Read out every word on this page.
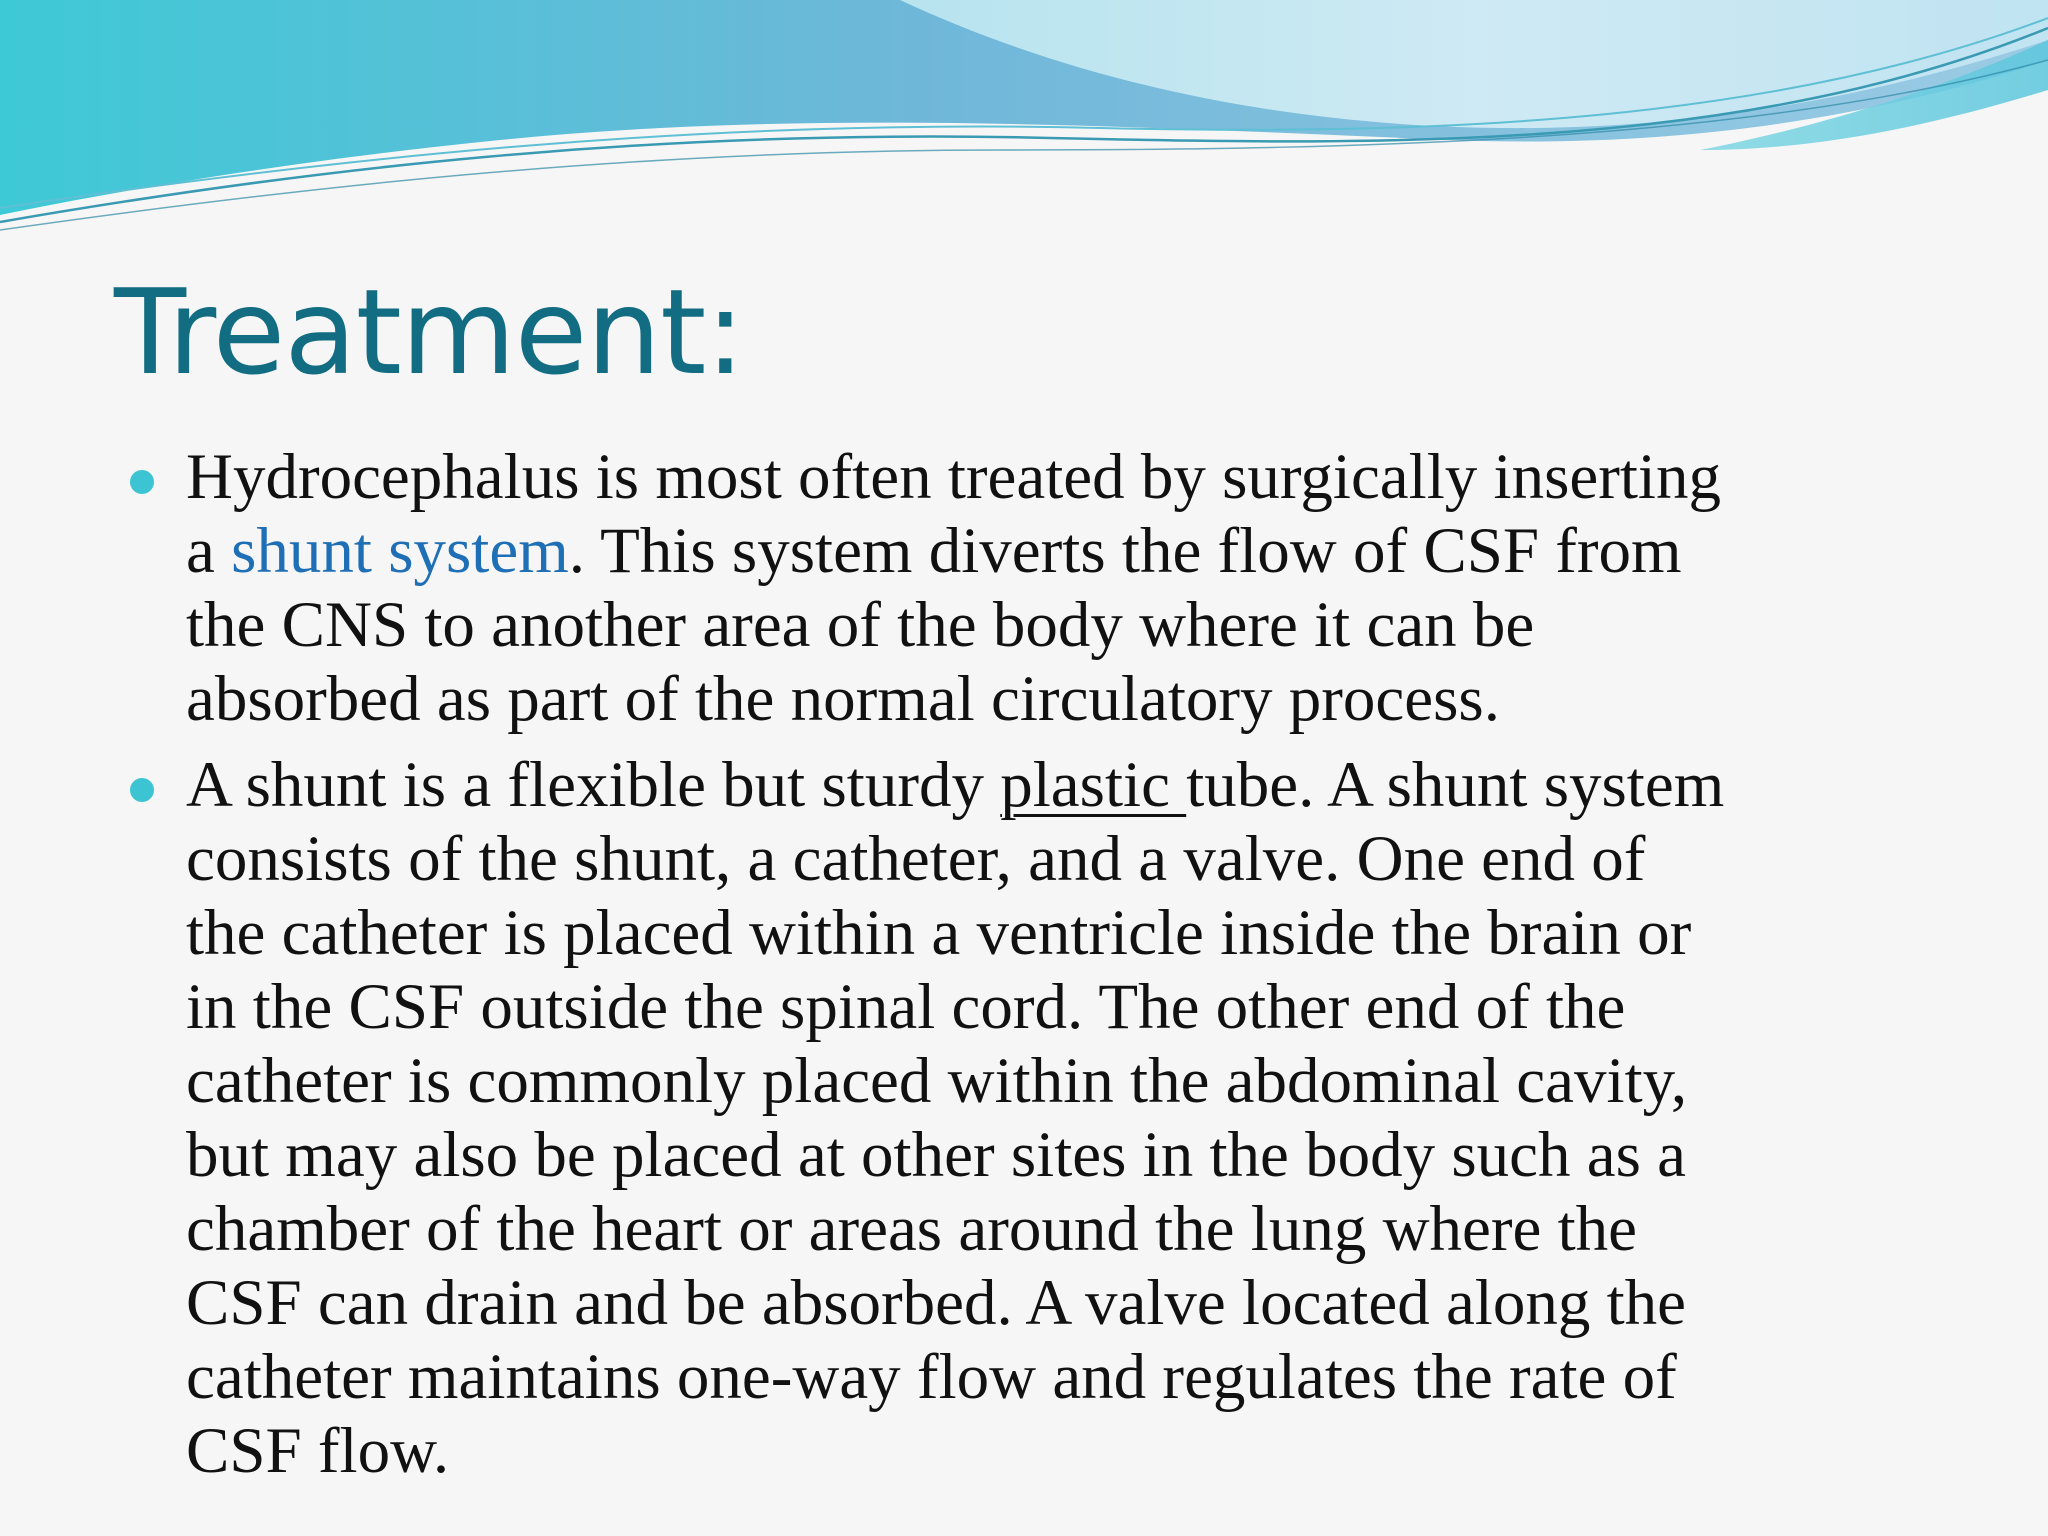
Treatment:
Hydrocephalus is most often treated by surgically inserting
a shunt system. This system diverts the flow of CSF from
the CNS to another area of the body where it can be
absorbed as part of the normal circulatory process.
A shunt is a flexible but sturdy plastic tube. A shunt system
consists of the shunt, a catheter, and a valve. One end of
the catheter is placed within a ventricle inside the brain or
in the CSF outside the spinal cord. The other end of the
catheter is commonly placed within the abdominal cavity,
but may also be placed at other sites in the body such as a
chamber of the heart or areas around the lung where the
CSF can drain and be absorbed. A valve located along the
catheter maintains one-way flow and regulates the rate of
CSF flow.
